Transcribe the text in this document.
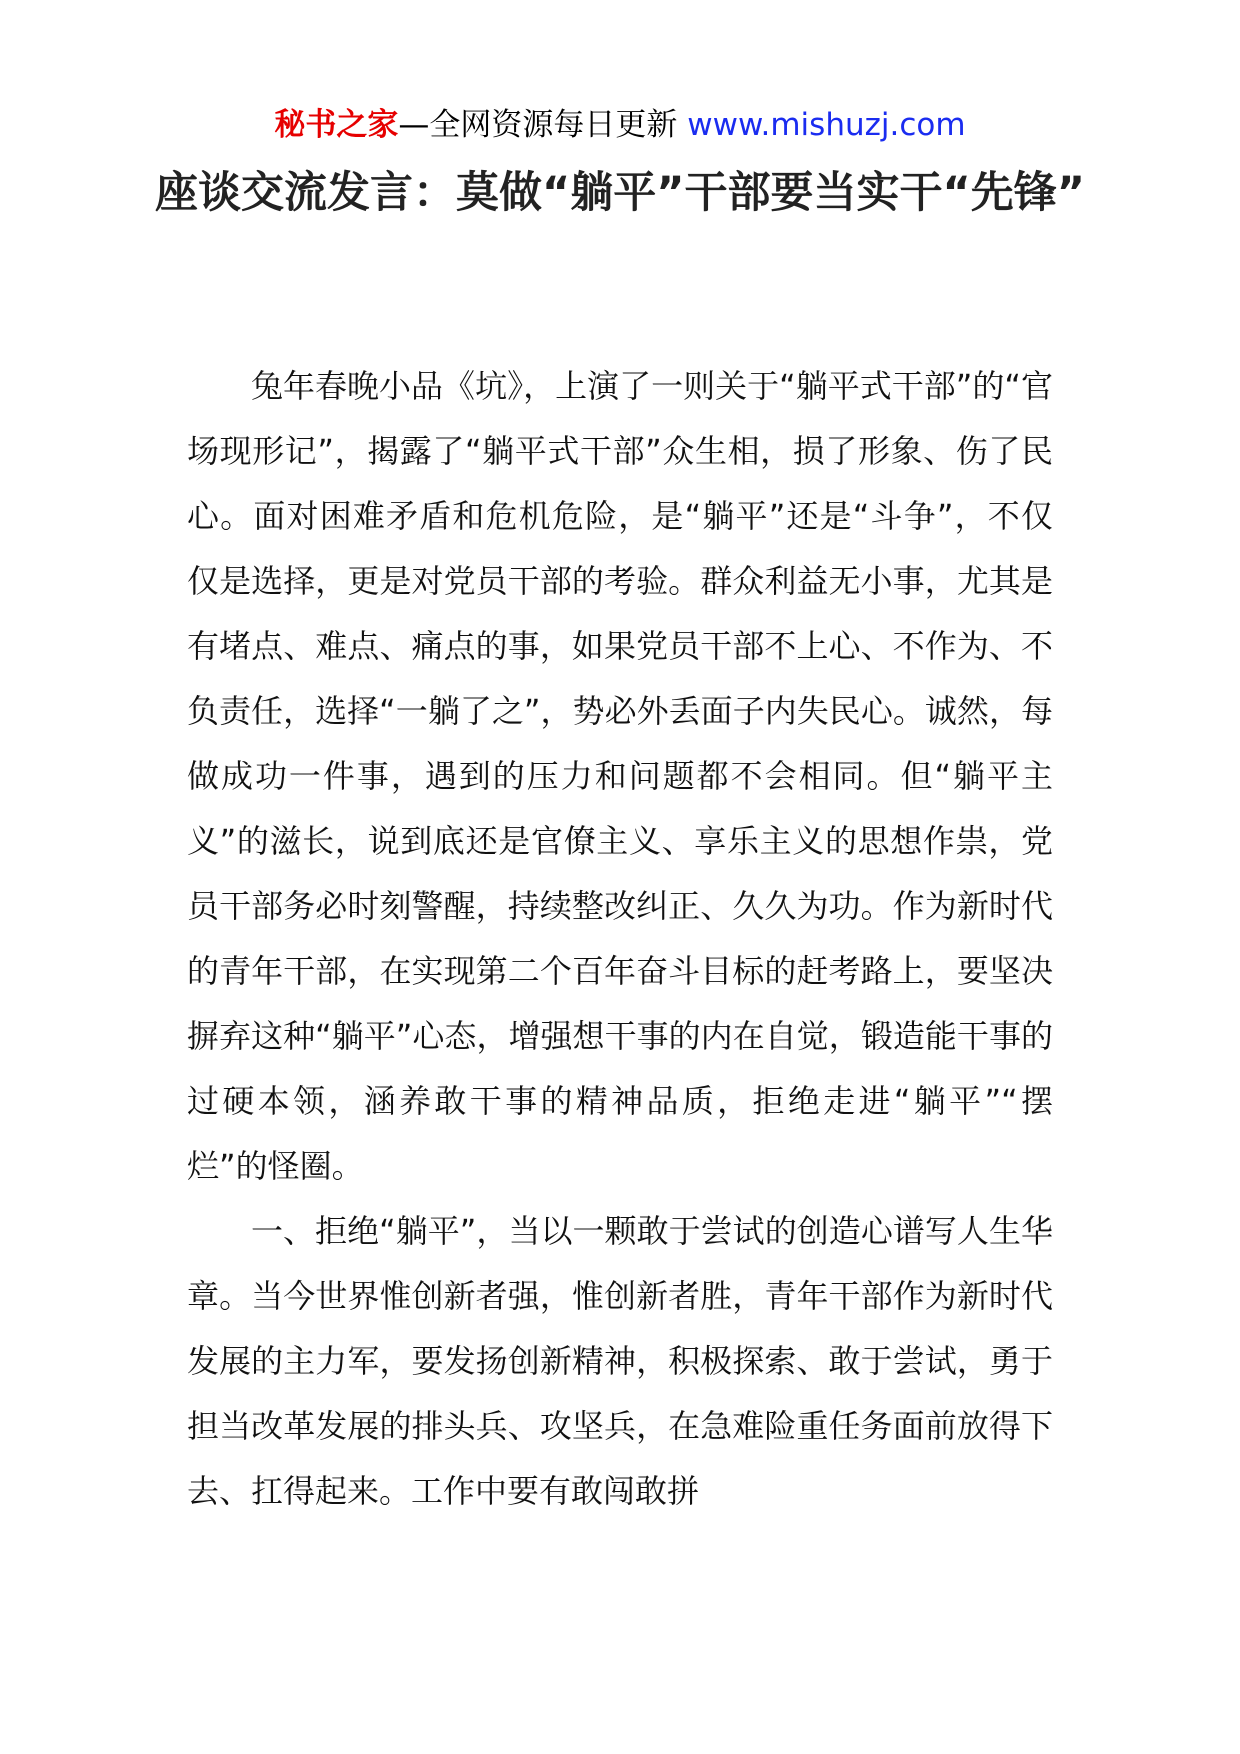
秘书之家—全网资源每日更新 www.mishuzj.com
座谈交流发言：莫做“躺平”干部要当实干“先锋”

兔年春晚小品《坑》，上演了一则关于“躺平式干部”的“官场现形记”，揭露了“躺平式干部”众生相，损了形象、伤了民心。面对困难矛盾和危机危险，是“躺平”还是“斗争”，不仅仅是选择，更是对党员干部的考验。群众利益无小事，尤其是有堵点、难点、痛点的事，如果党员干部不上心、不作为、不负责任，选择“一躺了之”，势必外丢面子内失民心。诚然，每做成功一件事，遇到的压力和问题都不会相同。但“躺平主义”的滋长，说到底还是官僚主义、享乐主义的思想作祟，党员干部务必时刻警醒，持续整改纠正、久久为功。作为新时代的青年干部，在实现第二个百年奋斗目标的赶考路上，要坚决摒弃这种“躺平”心态，增强想干事的内在自觉，锻造能干事的过硬本领，涵养敢干事的精神品质，拒绝走进“躺平”“摆烂”的怪圈。

一、拒绝“躺平”，当以一颗敢于尝试的创造心谱写人生华章。当今世界惟创新者强，惟创新者胜，青年干部作为新时代发展的主力军，要发扬创新精神，积极探索、敢于尝试，勇于担当改革发展的排头兵、攻坚兵，在急难险重任务面前放得下去、扛得起来。工作中要有敢闯敢拼
